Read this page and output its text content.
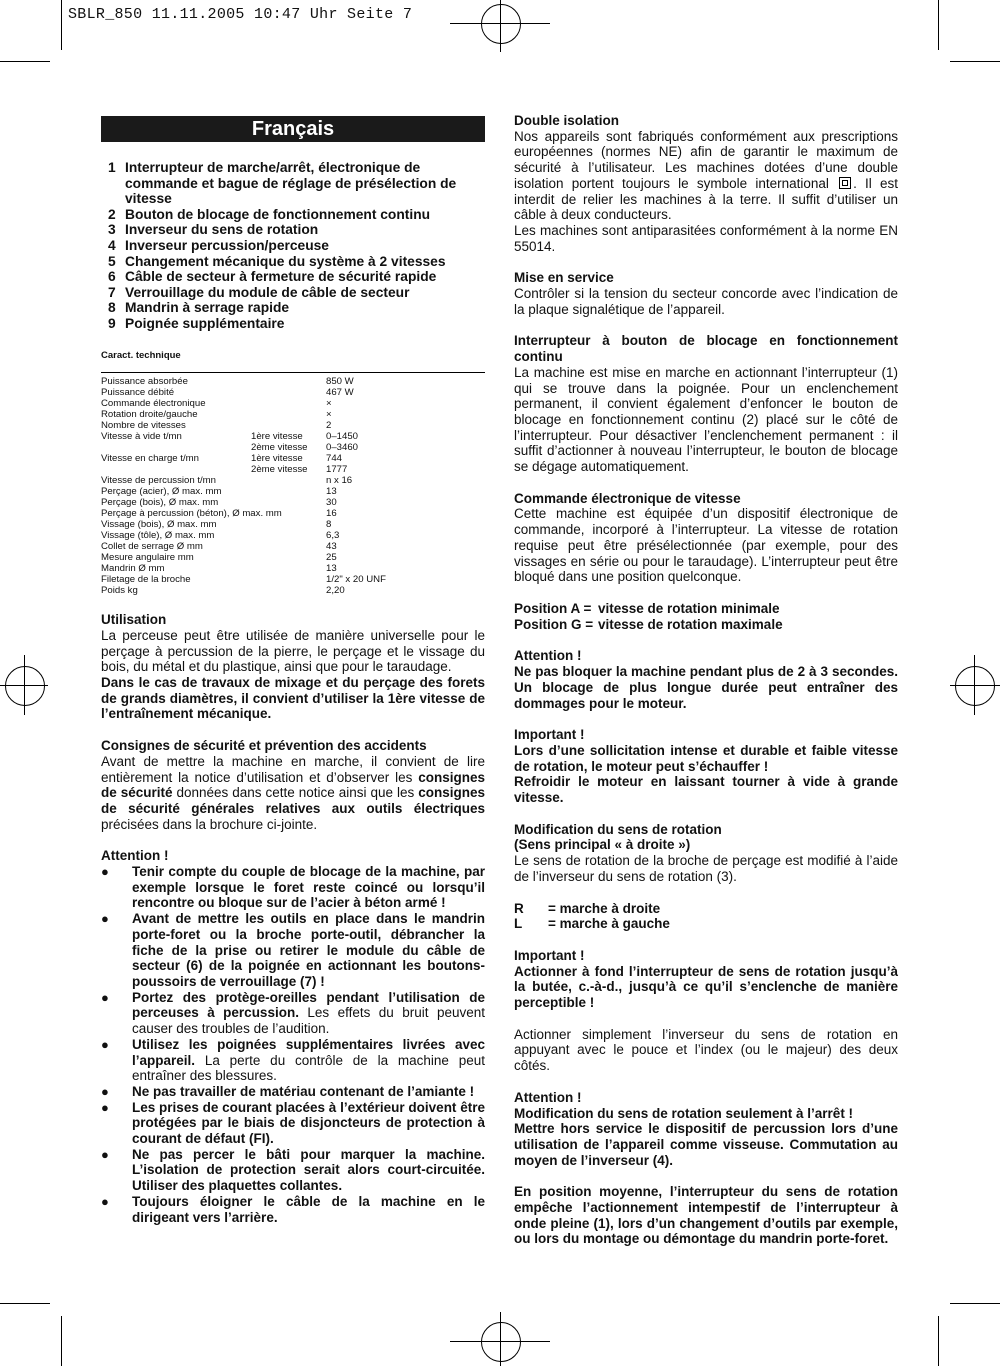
SBLR_850 11.11.2005 10:47 Uhr Seite 7
Français
1 Interrupteur de marche/arrêt, électronique de commande et bague de réglage de présélection de vitesse
2 Bouton de blocage de fonctionnement continu
3 Inverseur du sens de rotation
4 Inverseur percussion/perceuse
5 Changement mécanique du système à 2 vitesses
6 Câble de secteur à fermeture de sécurité rapide
7 Verrouillage du module de câble de secteur
8 Mandrin à serrage rapide
9 Poignée supplémentaire
Caract. technique
Puissance absorbée	850 W
Puissance débité	467 W
Commande électronique	×
Rotation droite/gauche	×
Nombre de vitesses	2
Vitesse à vide t/mn	1ère vitesse	0–1450
2ème vitesse	0–3460
Vitesse en charge t/mn	1ère vitesse	744
2ème vitesse	1777
Vitesse de percussion t/mn	n x 16
Perçage (acier), Ø max. mm	13
Perçage (bois), Ø max. mm	30
Perçage à percussion (béton), Ø max. mm	16
Vissage (bois), Ø max. mm	8
Vissage (tôle), Ø max. mm	6,3
Collet de serrage Ø mm	43
Mesure angulaire mm	25
Mandrin Ø mm	13
Filetage de la broche	1/2" x 20 UNF
Poids kg	2,20
Utilisation

La perceuse peut être utilisée de manière universelle pour le perçage à percussion de la pierre, le perçage et le vissage du bois, du métal et du plastique, ainsi que pour le taraudage.

Dans le cas de travaux de mixage et du perçage des forets de grands diamètres, il convient d’utiliser la 1ère vitesse de l’entraînement mécanique.

Consignes de sécurité et prévention des accidents

Avant de mettre la machine en marche, il convient de lire entièrement la notice d’utilisation et d’observer les consignes de sécurité données dans cette notice ainsi que les consignes de sécurité générales relatives aux outils électriques précisées dans la brochure ci-jointe.

Attention !
●	Tenir compte du couple de blocage de la machine, par exemple lorsque le foret reste coincé ou lorsqu’il rencontre ou bloque sur de l’acier à béton armé !
●	Avant de mettre les outils en place dans le mandrin porte-foret ou la broche porte-outil, débrancher la fiche de la prise ou retirer le module du câble de secteur (6) de la poignée en actionnant les boutons-poussoirs de verrouillage (7) !
●	Portez des protège-oreilles pendant l’utilisation de perceuses à percussion. Les effets du bruit peuvent causer des troubles de l’audition.
●	Utilisez les poignées supplémentaires livrées avec l’appareil. La perte du contrôle de la machine peut entraîner des blessures.
●	Ne pas travailler de matériau contenant de l’amiante !
●	Les prises de courant placées à l’extérieur doivent être protégées par le biais de disjoncteurs de protection à courant de défaut (FI).
●	Ne pas percer le bâti pour marquer la machine. L’isolation de protection serait alors court-circuitée. Utiliser des plaquettes collantes.
●	Toujours éloigner le câble de la machine en le dirigeant vers l’arrière.
Double isolation

Nos appareils sont fabriqués conformément aux prescriptions européennes (normes NE) afin de garantir le maximum de sécurité à l’utilisateur. Les machines dotées d’une double isolation portent toujours le symbole international . Il est interdit de relier les machines à la terre. Il suffit d’utiliser un câble à deux conducteurs.

Les machines sont antiparasitées conformément à la norme EN 55014.

Mise en service

Contrôler si la tension du secteur concorde avec l’indication de la plaque signalétique de l’appareil.

Interrupteur à bouton de blocage en fonctionnement continu

La machine est mise en marche en actionnant l’interrupteur (1) qui se trouve dans la poignée. Pour un enclenchement permanent, il convient également d’enfoncer le bouton de blocage en fonctionnement continu (2) placé sur le côté de l’interrupteur. Pour désactiver l’enclenchement permanent : il suffit d’actionner à nouveau l’interrupteur, le bouton de blocage se dégage automatiquement.

Commande électronique de vitesse

Cette machine est équipée d’un dispositif électronique de commande, incorporé à l’interrupteur. La vitesse de rotation requise peut être présélectionnée (par exemple, pour des vissages en série ou pour le taraudage). L’interrupteur peut être bloqué dans une position quelconque.

Position A = vitesse de rotation minimale
Position G = vitesse de rotation maximale
Attention !

Ne pas bloquer la machine pendant plus de 2 à 3 secondes. Un blocage de plus longue durée peut entraîner des dommages pour le moteur.

Important !

Lors d’une sollicitation intense et durable et faible vitesse de rotation, le moteur peut s’échauffer !

Refroidir le moteur en laissant tourner à vide à grande vitesse.

Modification du sens de rotation
(Sens principal « à droite »)

Le sens de rotation de la broche de perçage est modifié à l’aide de l’inverseur du sens de rotation (3).

R	= marche à droite
L	= marche à gauche
Important !

Actionner à fond l’interrupteur de sens de rotation jusqu’à la butée, c.-à-d., jusqu’à ce qu’il s’enclenche de manière perceptible !

Actionner simplement l’inverseur du sens de rotation en appuyant avec le pouce et l’index (ou le majeur) des deux côtés.

Attention !

Modification du sens de rotation seulement à l’arrêt !

Mettre hors service le dispositif de percussion lors d’une utilisation de l’appareil comme visseuse. Commutation au moyen de l’inverseur (4).

En position moyenne, l’interrupteur du sens de rotation empêche l’actionnement intempestif de l’interrupteur à onde pleine (1), lors d’un changement d’outils par exemple, ou lors du montage ou démontage du mandrin porte-foret.
